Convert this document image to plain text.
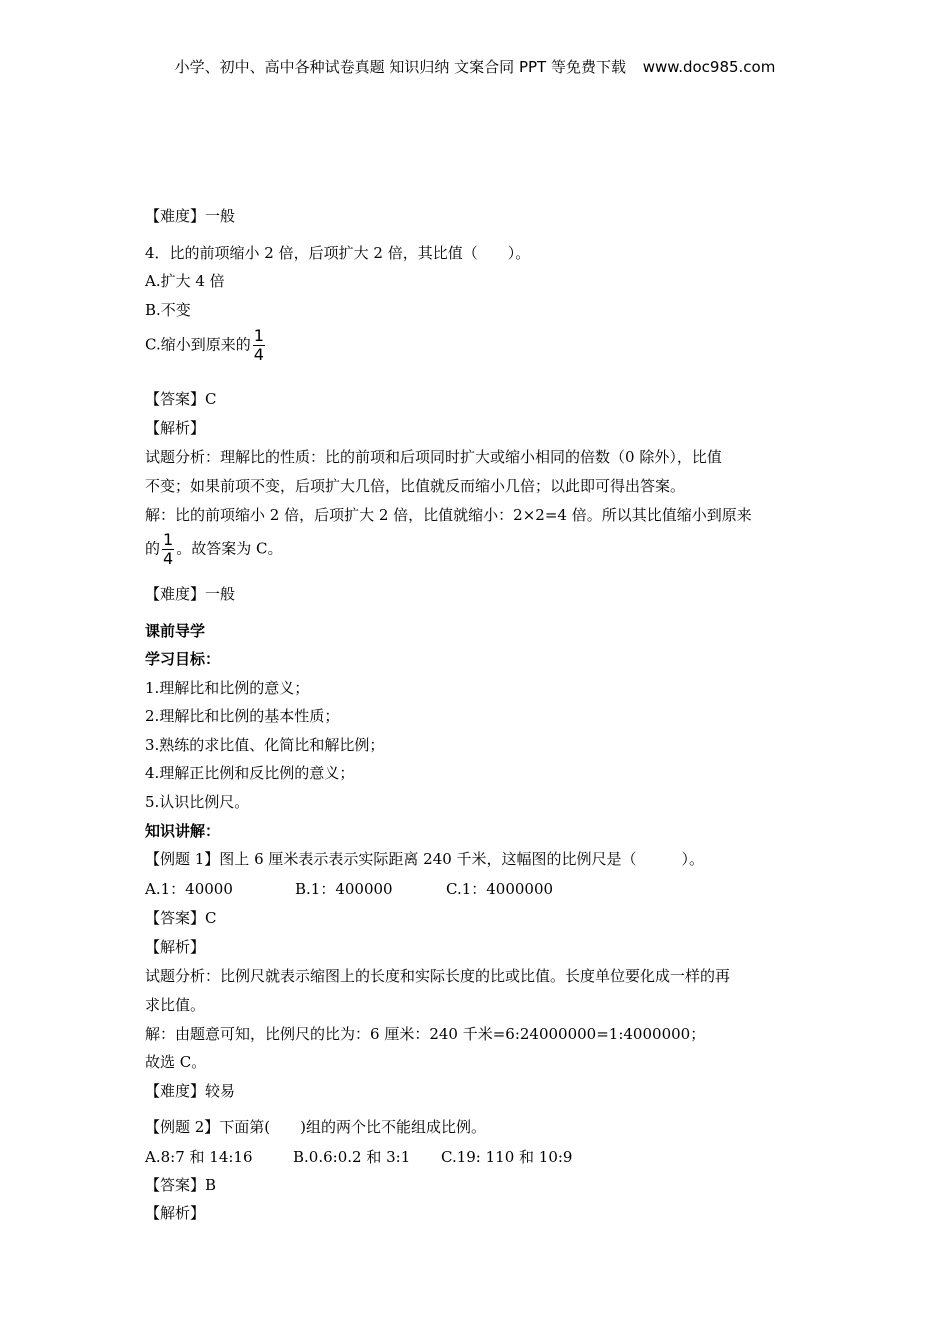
小学、初中、高中各种试卷真题 知识归纳 文案合同 PPT 等免费下载 www.doc985.com
【难度】一般
4．比的前项缩小 2 倍，后项扩大 2 倍，其比值（　　）。
A.扩大 4 倍
B.不变
C.缩小到原来的 $\frac{1}{4}$
【答案】C
【解析】
试题分析：理解比的性质：比的前项和后项同时扩大或缩小相同的倍数（0 除外），比值
不变；如果前项不变，后项扩大几倍，比值就反而缩小几倍；以此即可得出答案。
解：比的前项缩小 2 倍，后项扩大 2 倍，比值就缩小：2×2=4 倍。所以其比值缩小到原来
的 $\frac{1}{4}$ 。故答案为 C。
【难度】一般
课前导学
学习目标：
1.理解比和比例的意义；
2.理解比和比例的基本性质；
3.熟练的求比值、化简比和解比例；
4.理解正比例和反比例的意义；
5.认识比例尺。
知识讲解：
【例题 1】图上 6 厘米表示表示实际距离 240 千米，这幅图的比例尺是（　　　）。
A.1：40000	B.1：400000	C.1：4000000
【答案】C
【解析】
试题分析：比例尺就表示缩图上的长度和实际长度的比或比值。长度单位要化成一样的再
求比值。
解：由题意可知，比例尺的比为：6 厘米：240 千米=6:24000000=1:4000000；
故选 C。
【难度】较易
【例题 2】下面第(　　)组的两个比不能组成比例。
A.8:7 和 14:16	B.0.6:0.2 和 3:1 C.19: 110 和 10:9
【答案】B
【解析】
